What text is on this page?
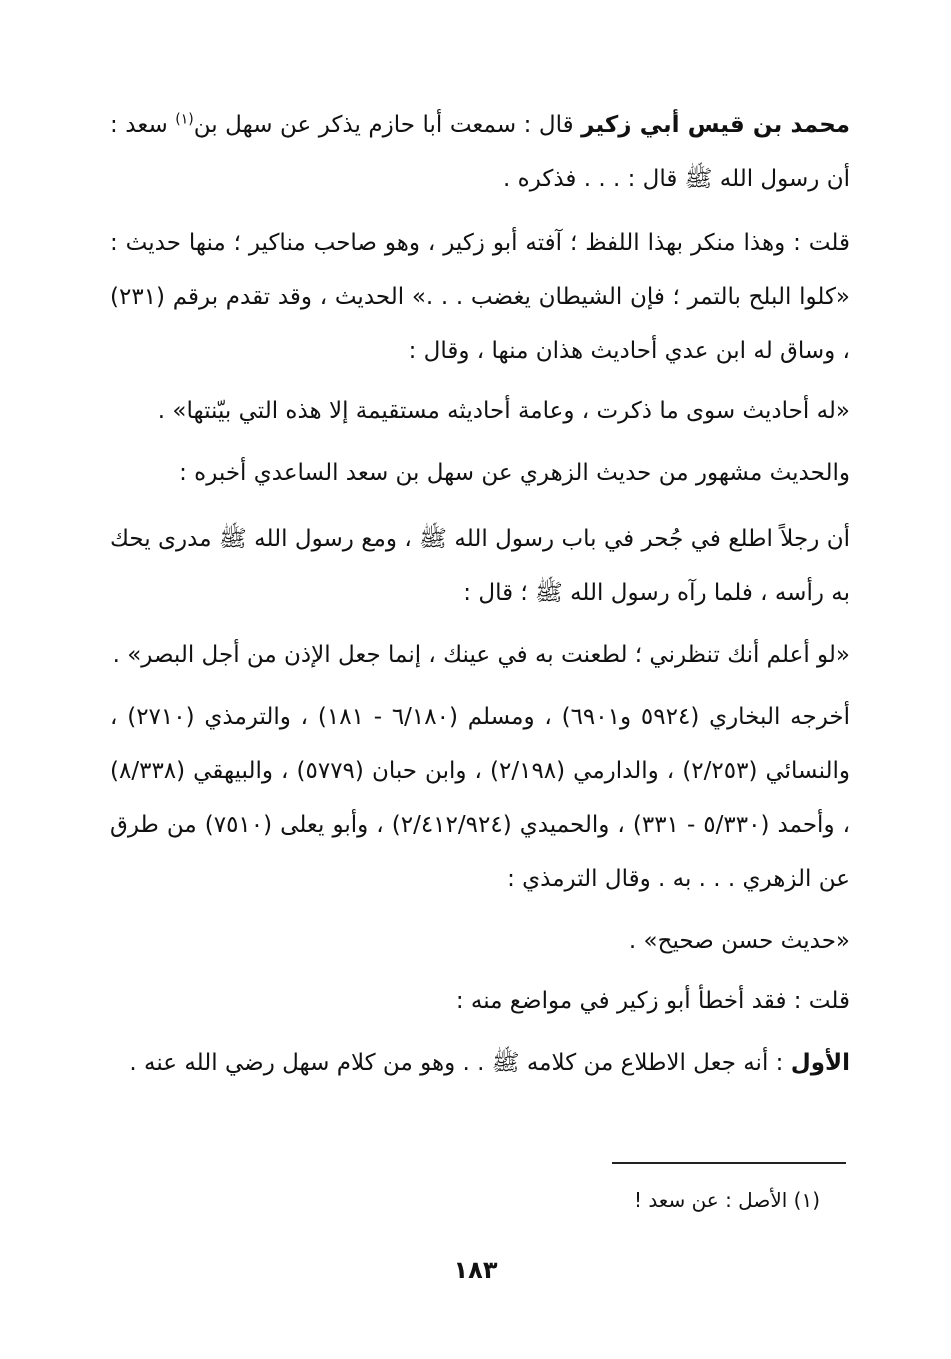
محمد بن قيس أبي زكير قال : سمعت أبا حازم يذكر عن سهل بن$^{(١)}$ سعد : أن رسول الله ﷺ قال : . . . فذكره .

قلت : وهذا منكر بهذا اللفظ ؛ آفته أبو زكير ، وهو صاحب مناكير ؛ منها حديث : «كلوا البلح بالتمر ؛ فإن الشيطان يغضب . . .» الحديث ، وقد تقدم برقم (٢٣١) ، وساق له ابن عدي أحاديث هذان منها ، وقال :

«له أحاديث سوى ما ذكرت ، وعامة أحاديثه مستقيمة إلا هذه التي بيّنتها» .

والحديث مشهور من حديث الزهري عن سهل بن سعد الساعدي أخبره :

أن رجلاً اطلع في جُحر في باب رسول الله ﷺ ، ومع رسول الله ﷺ مدرى يحك به رأسه ، فلما رآه رسول الله ﷺ ؛ قال :

«لو أعلم أنك تنظرني ؛ لطعنت به في عينك ، إنما جعل الإذن من أجل البصر» .

أخرجه البخاري (٥٩٢٤ و٦٩٠١) ، ومسلم (٦/١٨٠ - ١٨١) ، والترمذي (٢٧١٠) ، والنسائي (٢/٢٥٣) ، والدارمي (٢/١٩٨) ، وابن حبان (٥٧٧٩) ، والبيهقي (٨/٣٣٨) ، وأحمد (٥/٣٣٠ - ٣٣١) ، والحميدي (٢/٤١٢/٩٢٤) ، وأبو يعلى (٧٥١٠) من طرق عن الزهري . . . به . وقال الترمذي :

«حديث حسن صحيح» .

قلت : فقد أخطأ أبو زكير في مواضع منه :

الأول : أنه جعل الاطلاع من كلامه ﷺ . . وهو من كلام سهل رضي الله عنه .

(١) الأصل : عن سعد !
١٨٣
